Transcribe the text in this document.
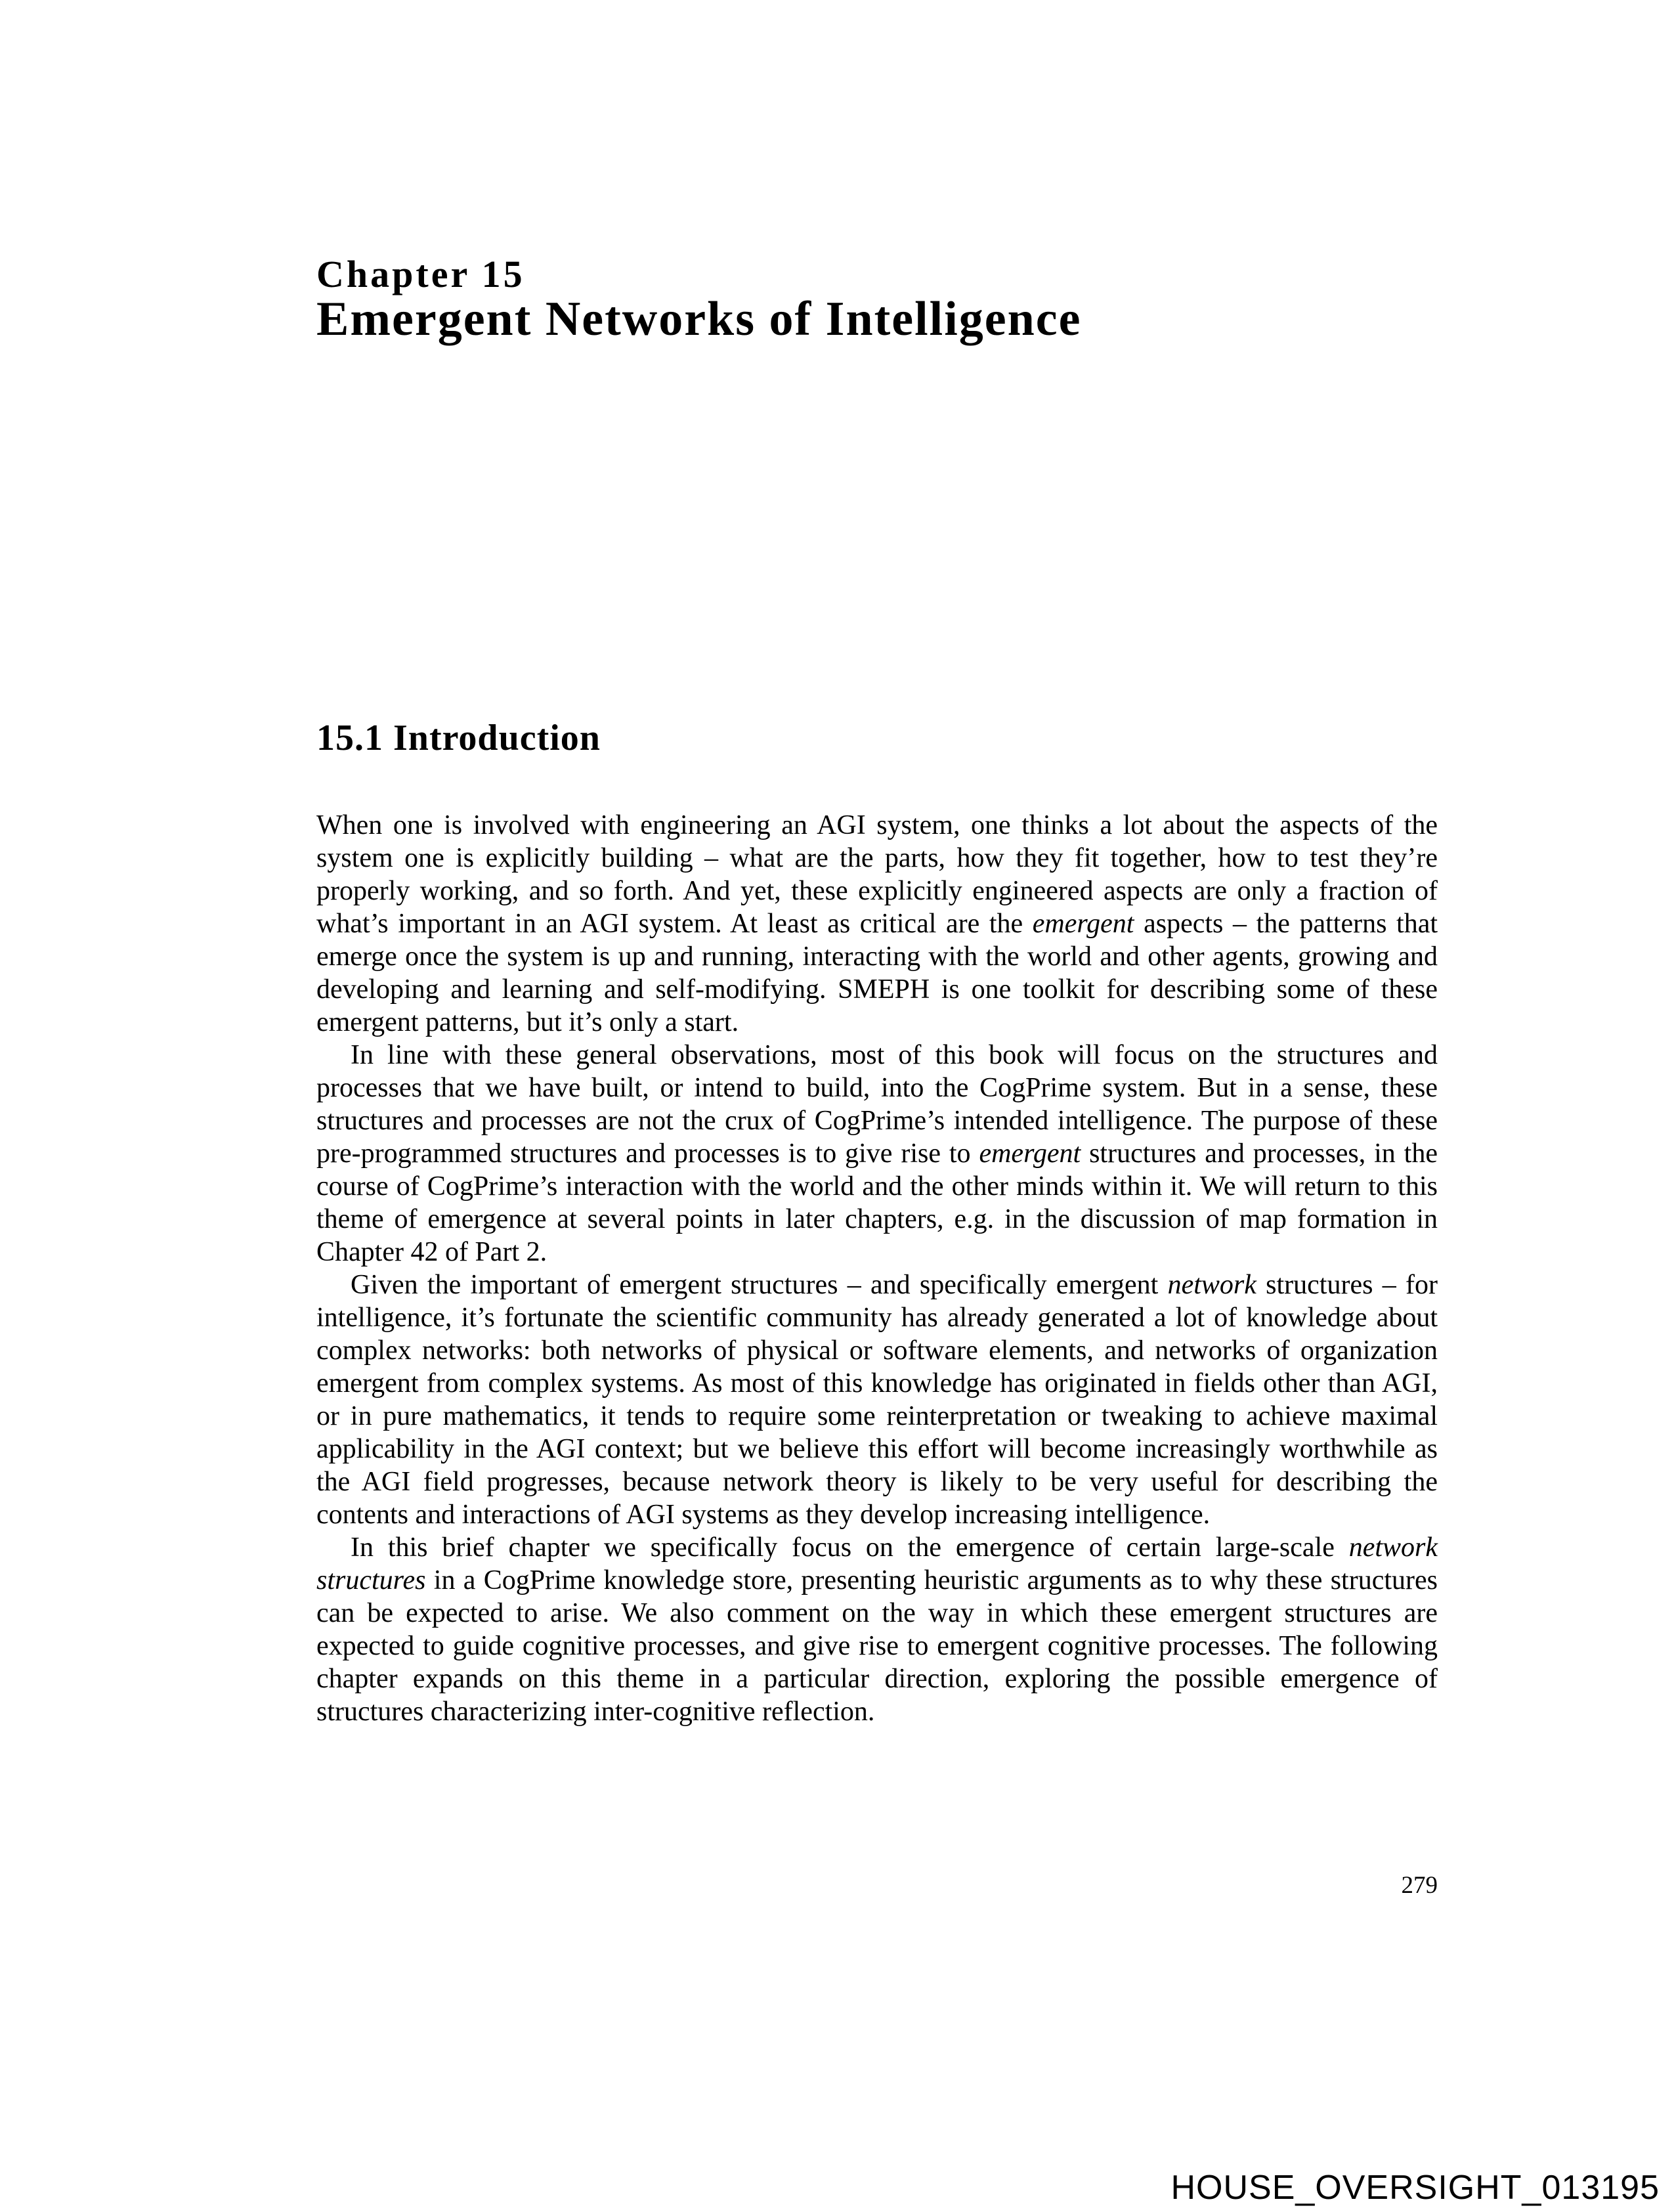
Chapter 15
Emergent Networks of Intelligence
15.1 Introduction

When one is involved with engineering an AGI system, one thinks a lot about the aspects of the system one is explicitly building – what are the parts, how they fit together, how to test they’re properly working, and so forth. And yet, these explicitly engineered aspects are only a fraction of what’s important in an AGI system. At least as critical are the emergent aspects – the patterns that emerge once the system is up and running, interacting with the world and other agents, growing and developing and learning and self-modifying. SMEPH is one toolkit for describing some of these emergent patterns, but it’s only a start.

In line with these general observations, most of this book will focus on the structures and processes that we have built, or intend to build, into the CogPrime system. But in a sense, these structures and processes are not the crux of CogPrime’s intended intelligence. The purpose of these pre-programmed structures and processes is to give rise to emergent structures and processes, in the course of CogPrime’s interaction with the world and the other minds within it. We will return to this theme of emergence at several points in later chapters, e.g. in the discussion of map formation in Chapter 42 of Part 2.

Given the important of emergent structures – and specifically emergent network structures – for intelligence, it’s fortunate the scientific community has already generated a lot of knowledge about complex networks: both networks of physical or software elements, and networks of organization emergent from complex systems. As most of this knowledge has originated in fields other than AGI, or in pure mathematics, it tends to require some reinterpretation or tweaking to achieve maximal applicability in the AGI context; but we believe this effort will become increasingly worthwhile as the AGI field progresses, because network theory is likely to be very useful for describing the contents and interactions of AGI systems as they develop increasing intelligence.

In this brief chapter we specifically focus on the emergence of certain large-scale network structures in a CogPrime knowledge store, presenting heuristic arguments as to why these structures can be expected to arise. We also comment on the way in which these emergent structures are expected to guide cognitive processes, and give rise to emergent cognitive processes. The following chapter expands on this theme in a particular direction, exploring the possible emergence of structures characterizing inter-cognitive reflection.

279
HOUSE_OVERSIGHT_013195
